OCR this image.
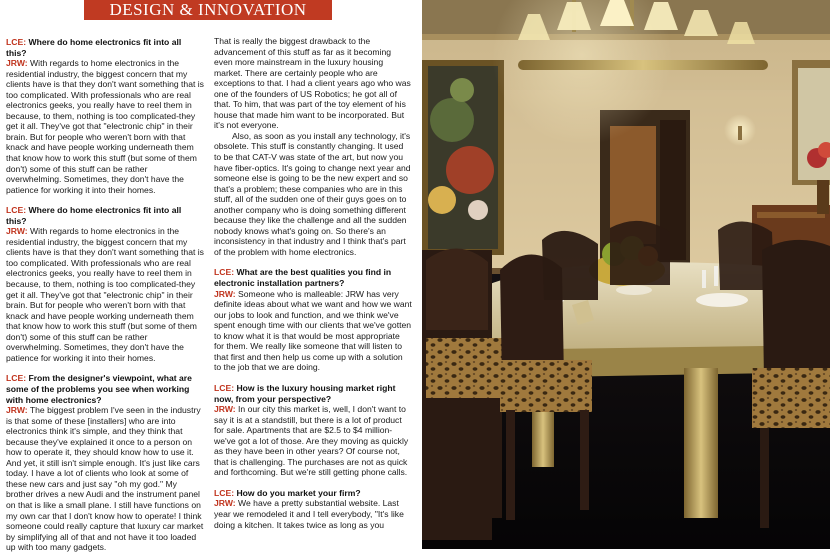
DESIGN & INNOVATION

LCE: Where do home electronics fit into all this?

JRW: With regards to home electronics in the residential industry, the biggest concern that my clients have is that they don't want something that is too complicated. With professionals who are real electronics geeks, you really have to reel them in because, to them, nothing is too complicated-they get it all. They've got that "electronic chip" in their brain. But for people who weren't born with that knack and have people working underneath them that know how to work this stuff (but some of them don't) some of this stuff can be rather overwhelming. Sometimes, they don't have the patience for working it into their homes.

LCE: Where do home electronics fit into all this?

JRW: With regards to home electronics in the residential industry, the biggest concern that my clients have is that they don't want something that is too complicated. With professionals who are real electronics geeks, you really have to reel them in because, to them, nothing is too complicated-they get it all. They've got that "electronic chip" in their brain. But for people who weren't born with that knack and have people working underneath them that know how to work this stuff (but some of them don't) some of this stuff can be rather overwhelming. Sometimes, they don't have the patience for working it into their homes.

LCE: From the designer's viewpoint, what are some of the problems you see when working with home electronics?

JRW: The biggest problem I've seen in the industry is that some of these [installers] who are into electronics think it's simple, and they think that because they've explained it once to a person on how to operate it, they should know how to use it. And yet, it still isn't simple enough. It's just like cars today. I have a lot of clients who look at some of these new cars and just say "oh my god." My brother drives a new Audi and the instrument panel on that is like a small plane. I still have functions on my own car that I don't know how to operate! I think someone could really capture that luxury car market by simplifying all of that and not have it too loaded up with too many gadgets.

That is really the biggest drawback to the advancement of this stuff as far as it becoming even more mainstream in the luxury housing market. There are certainly people who are exceptions to that. I had a client years ago who was one of the founders of US Robotics; he got all of that. To him, that was part of the toy element of his house that made him want to be incorporated. But it's not everyone.

Also, as soon as you install any technology, it's obsolete. This stuff is constantly changing. It used to be that CAT-V was state of the art, but now you have fiber-optics. It's going to change next year and someone else is going to be the new expert and so that's a problem; these companies who are in this stuff, all of the sudden one of their guys goes on to another company who is doing something different because they like the challenge and all the sudden nobody knows what's going on. So there's an inconsistency in that industry and I think that's part of the problem with home electronics.

LCE: What are the best qualities you find in electronic installation partners?

JRW: Someone who is malleable: JRW has very definite ideas about what we want and how we want our jobs to look and function, and we think we've spent enough time with our clients that we've gotten to know what it is that would be most appropriate for them. We really like someone that will listen to that first and then help us come up with a solution to the job that we are doing.

LCE: How is the luxury housing market right now, from your perspective?

JRW: In our city this market is, well, I don't want to say it is at a standstill, but there is a lot of product for sale. Apartments that are $2.5 to $4 million-we've got a lot of those. Are they moving as quickly as they have been in other years? Of course not, that is challenging. The purchases are not as quick and forthcoming. But we're still getting phone calls.

LCE: How do you market your firm?

JRW: We have a pretty substantial website. Last year we remodeled it and I tell everybody, "It's like doing a kitchen. It takes twice as long as you
